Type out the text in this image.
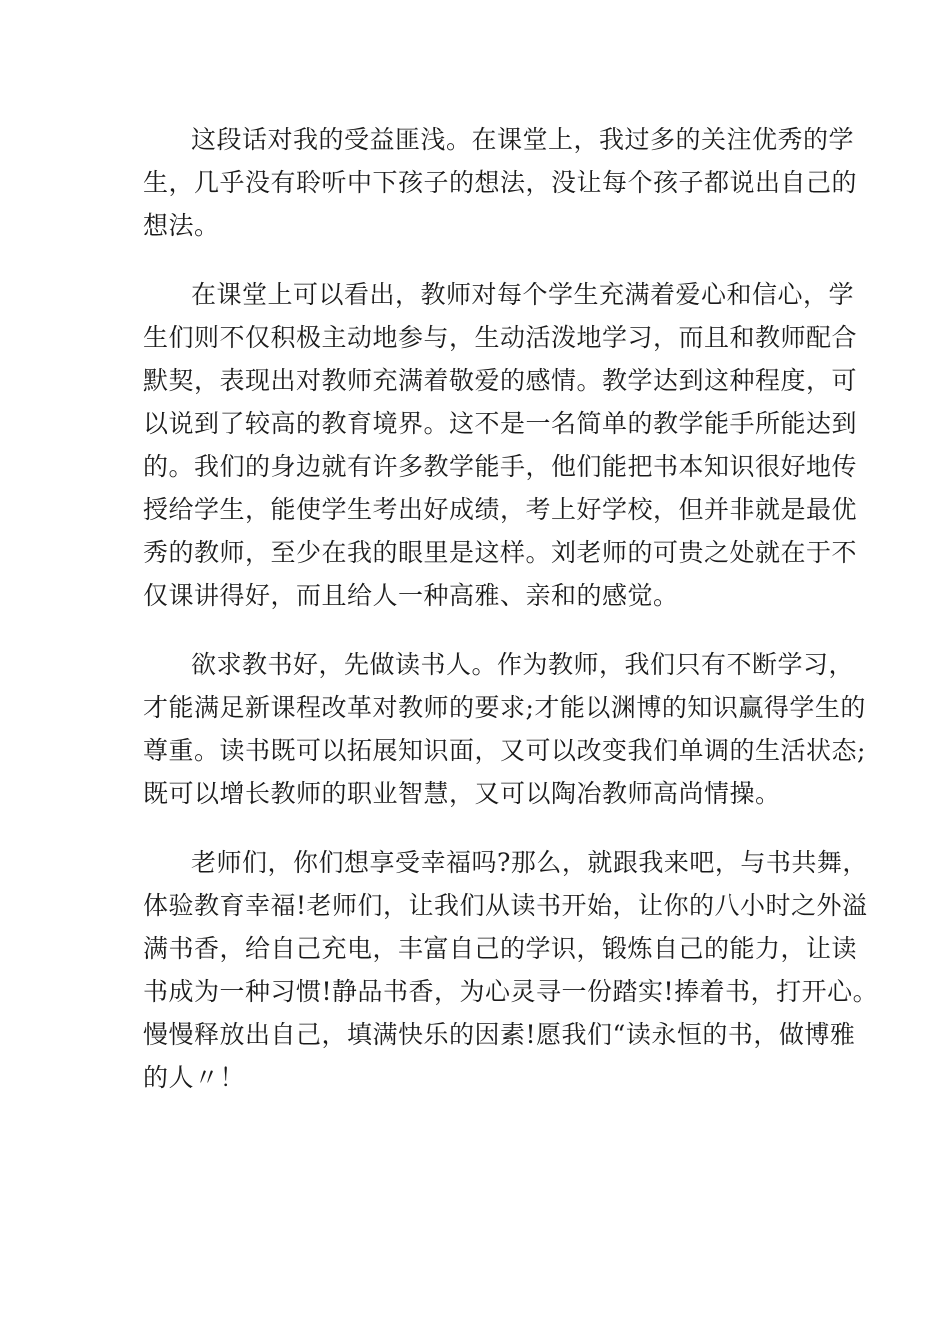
这段话对我的受益匪浅。在课堂上，我过多的关注优秀的学
生，几乎没有聆听中下孩子的想法，没让每个孩子都说出自己的
想法。
在课堂上可以看出，教师对每个学生充满着爱心和信心，学
生们则不仅积极主动地参与，生动活泼地学习，而且和教师配合
默契，表现出对教师充满着敬爱的感情。教学达到这种程度，可
以说到了较高的教育境界。这不是一名简单的教学能手所能达到
的。我们的身边就有许多教学能手，他们能把书本知识很好地传
授给学生，能使学生考出好成绩，考上好学校，但并非就是最优
秀的教师，至少在我的眼里是这样。刘老师的可贵之处就在于不
仅课讲得好，而且给人一种高雅、亲和的感觉。
欲求教书好，先做读书人。作为教师，我们只有不断学习，
才能满足新课程改革对教师的要求;才能以渊博的知识赢得学生的
尊重。读书既可以拓展知识面，又可以改变我们单调的生活状态;
既可以增长教师的职业智慧，又可以陶冶教师高尚情操。
老师们，你们想享受幸福吗?那么，就跟我来吧，与书共舞，
体验教育幸福!老师们，让我们从读书开始，让你的八小时之外溢
满书香，给自己充电，丰富自己的学识，锻炼自己的能力，让读
书成为一种习惯!静品书香，为心灵寻一份踏实!捧着书，打开心。
慢慢释放出自己，填满快乐的因素!愿我们“读永恒的书，做博雅
的人〃！
